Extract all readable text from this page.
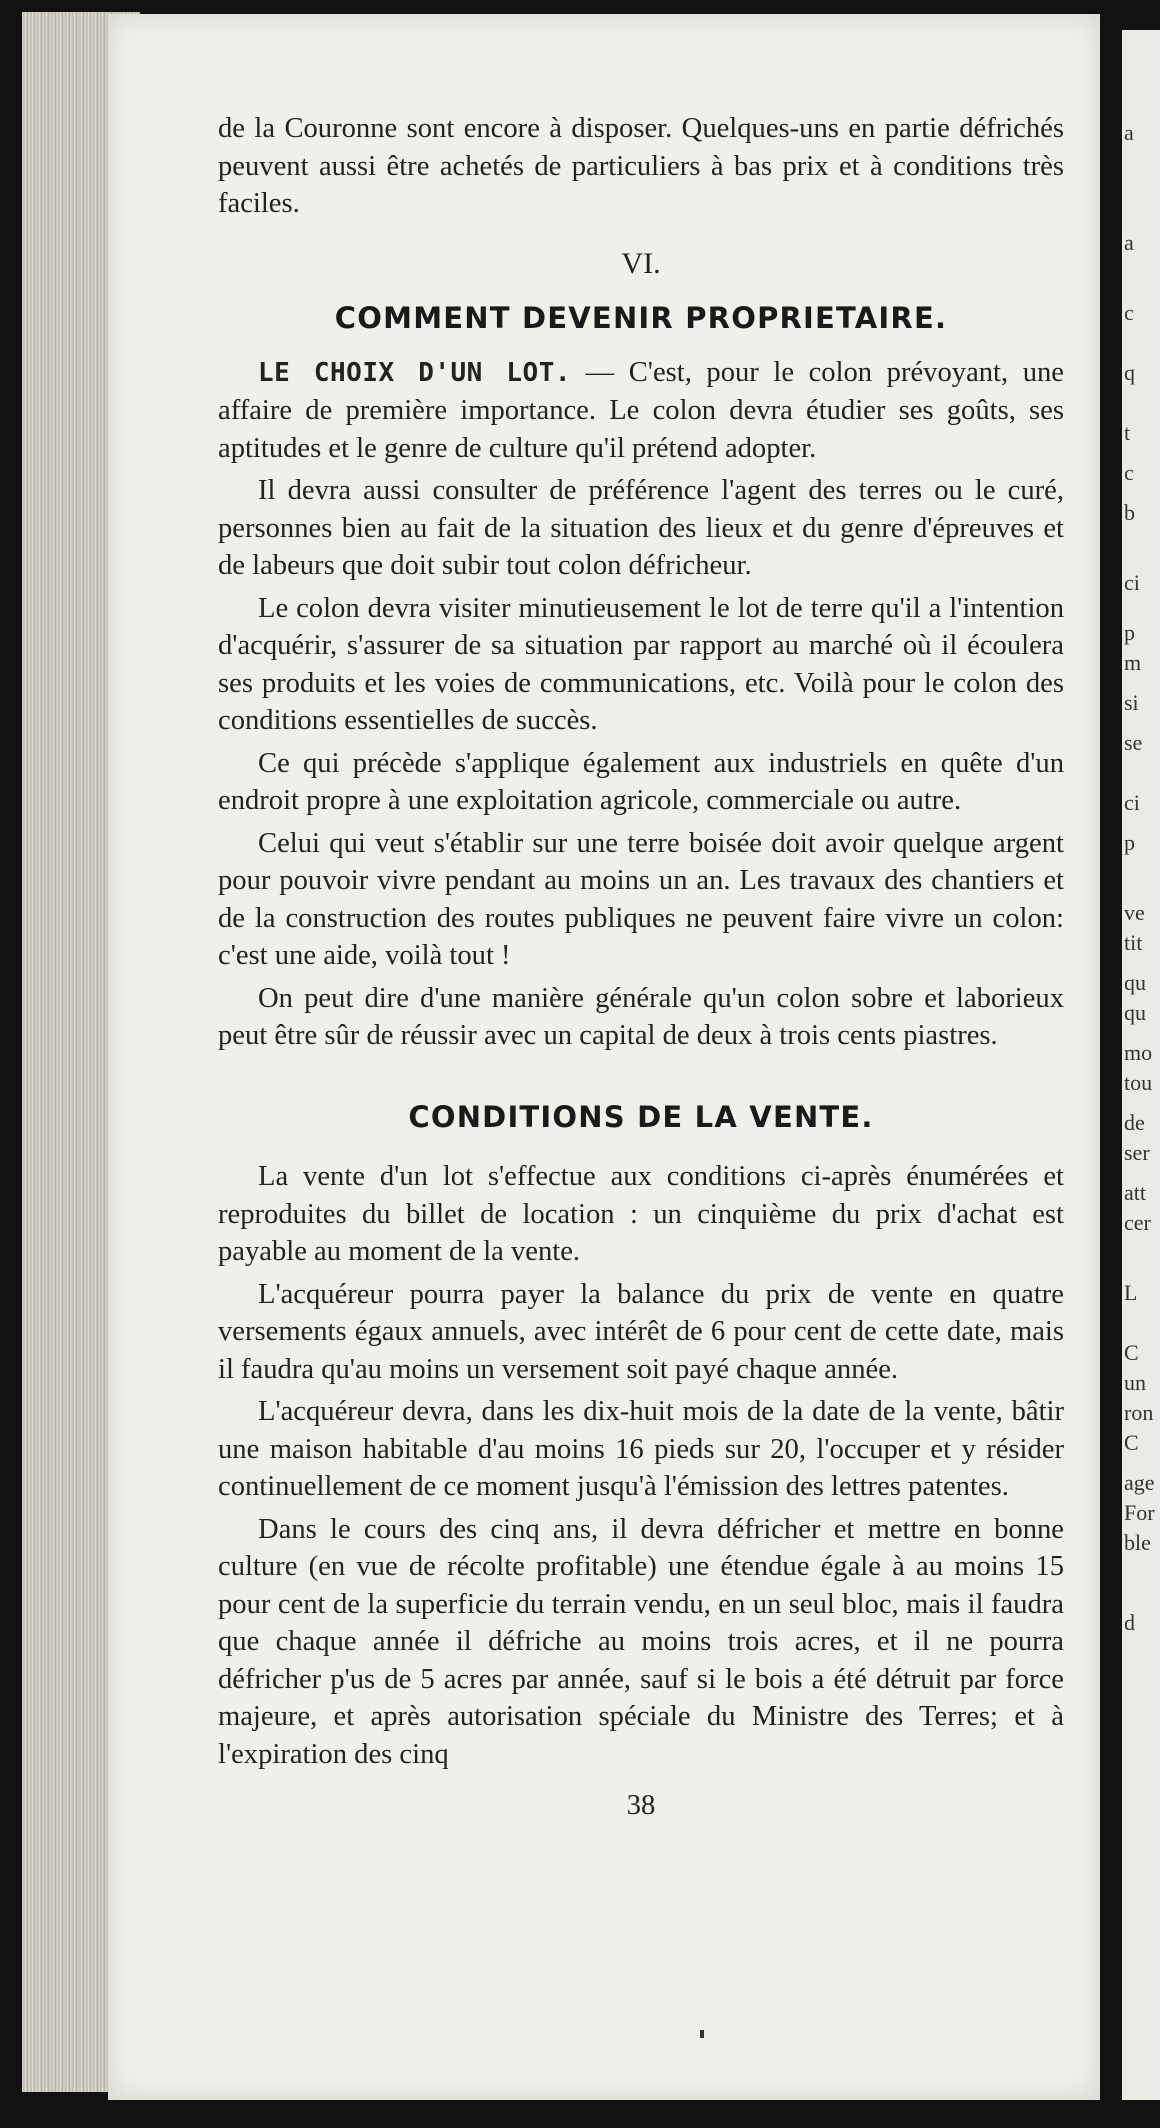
a
a
c
q
t
c
b
ci
p
m
si
se
ci
p
ve
tit
qu
qu
mo
tou
de
ser
att
cer
L
C
un
ron
C
age
For
ble
d

de la Couronne sont encore à disposer. Quelques-uns en partie défrichés peuvent aussi être achetés de particuliers à bas prix et à conditions très faciles.

VI.
COMMENT DEVENIR PROPRIETAIRE.

LE CHOIX D'UN LOT. — C'est, pour le colon prévoyant, une affaire de première importance. Le colon devra étudier ses goûts, ses aptitudes et le genre de culture qu'il prétend adopter.

Il devra aussi consulter de préférence l'agent des terres ou le curé, personnes bien au fait de la situation des lieux et du genre d'épreuves et de labeurs que doit subir tout colon défricheur.

Le colon devra visiter minutieusement le lot de terre qu'il a l'intention d'acquérir, s'assurer de sa situation par rapport au marché où il écoulera ses produits et les voies de communications, etc. Voilà pour le colon des conditions essentielles de succès.

Ce qui précède s'applique également aux industriels en quête d'un endroit propre à une exploitation agricole, commerciale ou autre.

Celui qui veut s'établir sur une terre boisée doit avoir quelque argent pour pouvoir vivre pendant au moins un an. Les travaux des chantiers et de la construction des routes publiques ne peuvent faire vivre un colon: c'est une aide, voilà tout !

On peut dire d'une manière générale qu'un colon sobre et laborieux peut être sûr de réussir avec un capital de deux à trois cents piastres.

CONDITIONS DE LA VENTE.

La vente d'un lot s'effectue aux conditions ci-après énumérées et reproduites du billet de location : un cinquième du prix d'achat est payable au moment de la vente.

L'acquéreur pourra payer la balance du prix de vente en quatre versements égaux annuels, avec intérêt de 6 pour cent de cette date, mais il faudra qu'au moins un versement soit payé chaque année.

L'acquéreur devra, dans les dix-huit mois de la date de la vente, bâtir une maison habitable d'au moins 16 pieds sur 20, l'occuper et y résider continuellement de ce moment jusqu'à l'émission des lettres patentes.

Dans le cours des cinq ans, il devra défricher et mettre en bonne culture (en vue de récolte profitable) une étendue égale à au moins 15 pour cent de la superficie du terrain vendu, en un seul bloc, mais il faudra que chaque année il défriche au moins trois acres, et il ne pourra défricher p'us de 5 acres par année, sauf si le bois a été détruit par force majeure, et après autorisation spéciale du Ministre des Terres; et à l'expiration des cinq

38
